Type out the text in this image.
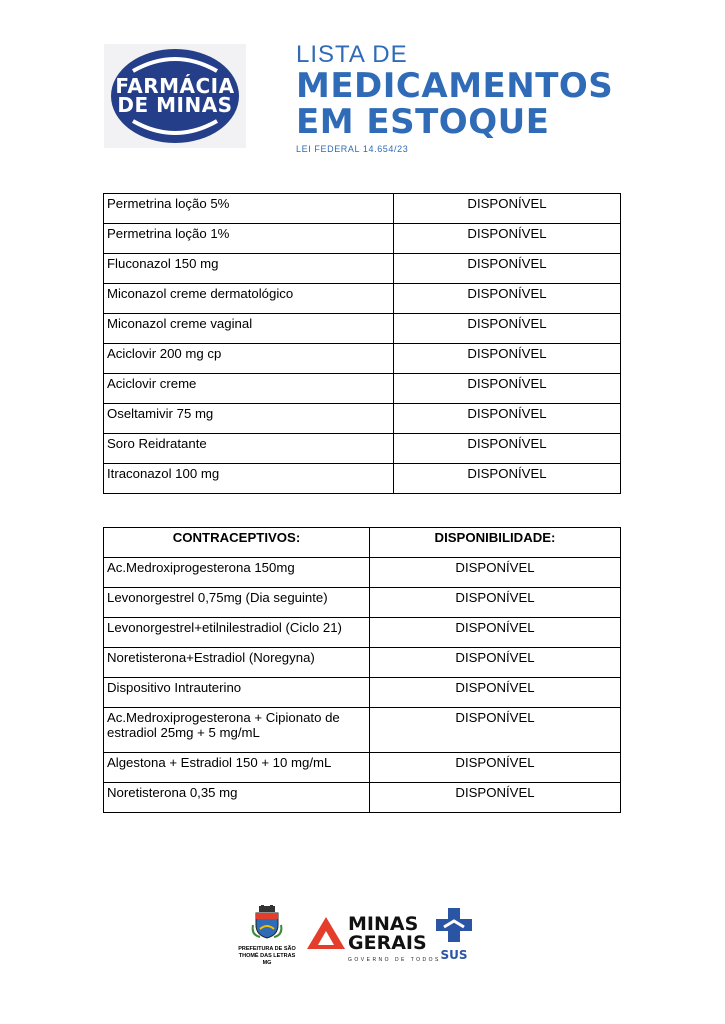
FARMÁCIA
DE MINAS
LISTA DE
MEDICAMENTOS
EM ESTOQUE
LEI FEDERAL 14.654/23
Permetrina loção 5%	DISPONÍVEL
Permetrina loção 1%	DISPONÍVEL
Fluconazol 150 mg	DISPONÍVEL
Miconazol creme dermatológico	DISPONÍVEL
Miconazol creme vaginal	DISPONÍVEL
Aciclovir 200 mg cp	DISPONÍVEL
Aciclovir creme	DISPONÍVEL
Oseltamivir 75 mg	DISPONÍVEL
Soro Reidratante	DISPONÍVEL
Itraconazol 100 mg	DISPONÍVEL
CONTRACEPTIVOS:	DISPONIBILIDADE:
Ac.Medroxiprogesterona 150mg	DISPONÍVEL
Levonorgestrel 0,75mg (Dia seguinte)	DISPONÍVEL
Levonorgestrel+etilnilestradiol (Ciclo 21)	DISPONÍVEL
Noretisterona+Estradiol (Noregyna)	DISPONÍVEL
Dispositivo Intrauterino	DISPONÍVEL
Ac.Medroxiprogesterona + Cipionato de estradiol 25mg + 5 mg/mL	DISPONÍVEL
Algestona + Estradiol 150 + 10 mg/mL	DISPONÍVEL
Noretisterona 0,35 mg	DISPONÍVEL
PREFEITURA DE SÃO
THOMÉ DAS LETRAS MG
MINAS
GERAIS
GOVERNO DE TODOS SUS
